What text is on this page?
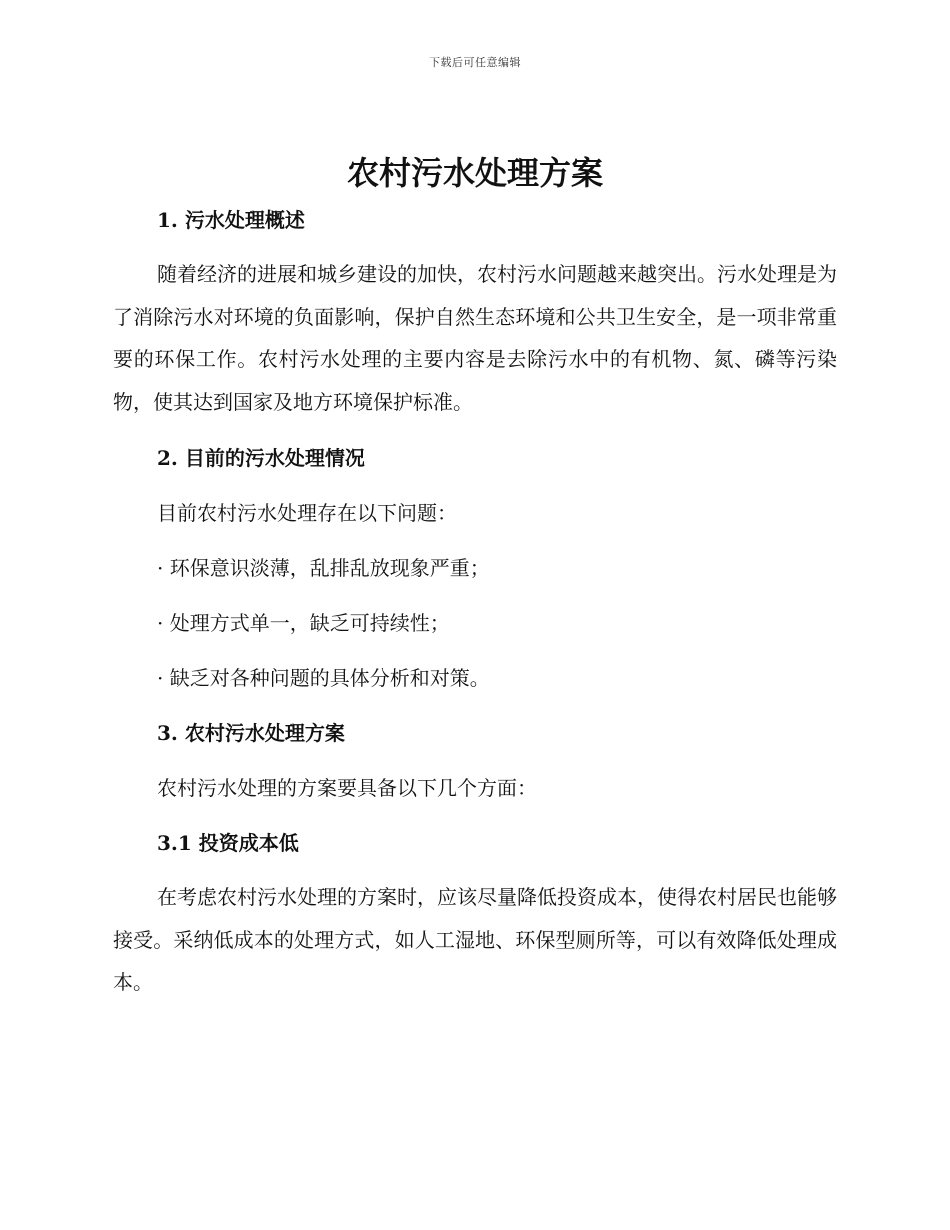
下载后可任意编辑
农村污水处理方案
1. 污水处理概述

随着经济的进展和城乡建设的加快，农村污水问题越来越突出。污水处理是为了消除污水对环境的负面影响，保护自然生态环境和公共卫生安全，是一项非常重要的环保工作。农村污水处理的主要内容是去除污水中的有机物、氮、磷等污染物，使其达到国家及地方环境保护标准。

2. 目前的污水处理情况
目前农村污水处理存在以下问题：
· 环保意识淡薄，乱排乱放现象严重；
· 处理方式单一，缺乏可持续性；
· 缺乏对各种问题的具体分析和对策。
3. 农村污水处理方案
农村污水处理的方案要具备以下几个方面：
3.1 投资成本低

在考虑农村污水处理的方案时，应该尽量降低投资成本，使得农村居民也能够接受。采纳低成本的处理方式，如人工湿地、环保型厕所等，可以有效降低处理成本。
